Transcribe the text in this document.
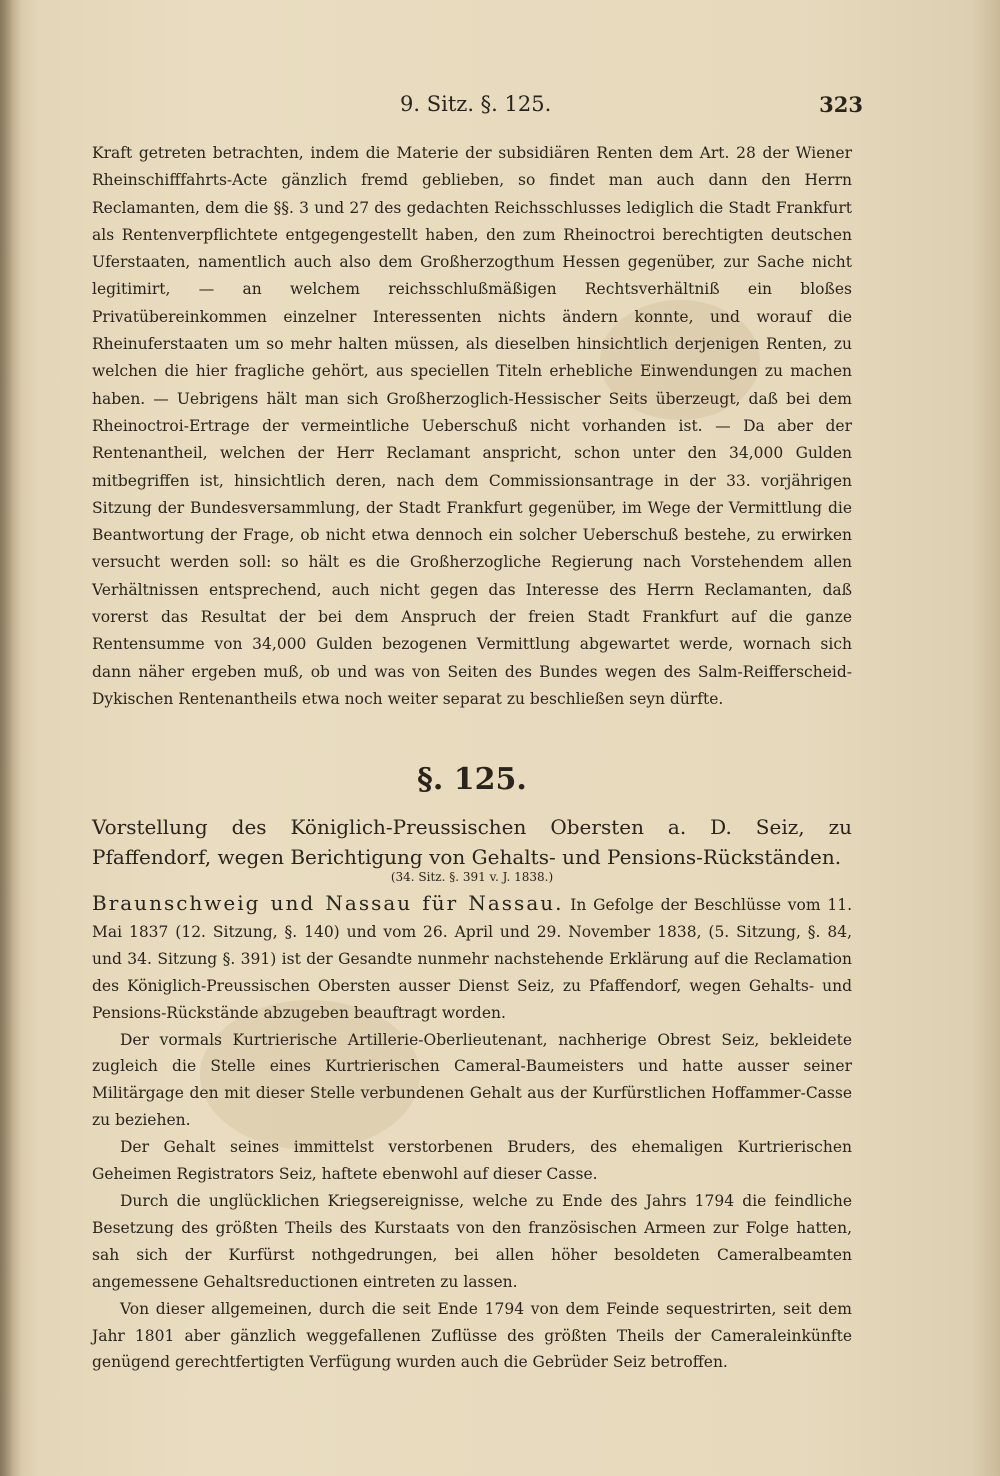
9. Sitz. §. 125.	323

Kraft getreten betrachten, indem die Materie der subsidiären Renten dem Art. 28 der Wiener Rheinschifffahrts-Acte gänzlich fremd geblieben, so findet man auch dann den Herrn Reclamanten, dem die §§. 3 und 27 des gedachten Reichsschlusses lediglich die Stadt Frankfurt als Rentenverpflichtete entgegengestellt haben, den zum Rheinoctroi berechtigten deutschen Uferstaaten, namentlich auch also dem Großherzogthum Hessen gegenüber, zur Sache nicht legitimirt, — an welchem reichsschlußmäßigen Rechtsverhältniß ein bloßes Privatübereinkommen einzelner Interessenten nichts ändern konnte, und worauf die Rheinuferstaaten um so mehr halten müssen, als dieselben hinsichtlich derjenigen Renten, zu welchen die hier fragliche gehört, aus speciellen Titeln erhebliche Einwendungen zu machen haben. — Uebrigens hält man sich Großherzoglich-Hessischer Seits überzeugt, daß bei dem Rheinoctroi-Ertrage der vermeintliche Ueberschuß nicht vorhanden ist. — Da aber der Rentenantheil, welchen der Herr Reclamant anspricht, schon unter den 34,000 Gulden mitbegriffen ist, hinsichtlich deren, nach dem Commissionsantrage in der 33. vorjährigen Sitzung der Bundesversammlung, der Stadt Frankfurt gegenüber, im Wege der Vermittlung die Beantwortung der Frage, ob nicht etwa dennoch ein solcher Ueberschuß bestehe, zu erwirken versucht werden soll: so hält es die Großherzogliche Regierung nach Vorstehendem allen Verhältnissen entsprechend, auch nicht gegen das Interesse des Herrn Reclamanten, daß vorerst das Resultat der bei dem Anspruch der freien Stadt Frankfurt auf die ganze Rentensumme von 34,000 Gulden bezogenen Vermittlung abgewartet werde, wornach sich dann näher ergeben muß, ob und was von Seiten des Bundes wegen des Salm-Reifferscheid-Dykischen Rentenantheils etwa noch weiter separat zu beschließen seyn dürfte.

§. 125.
Vorstellung des Königlich-Preussischen Obersten a. D. Seiz, zu Pfaffendorf, wegen Berichtigung von Gehalts- und Pensions-Rückständen.
(34. Sitz. §. 391 v. J. 1838.)

Braunschweig und Nassau für Nassau. In Gefolge der Beschlüsse vom 11. Mai 1837 (12. Sitzung, §. 140) und vom 26. April und 29. November 1838, (5. Sitzung, §. 84, und 34. Sitzung §. 391) ist der Gesandte nunmehr nachstehende Erklärung auf die Reclamation des Königlich-Preussischen Obersten ausser Dienst Seiz, zu Pfaffendorf, wegen Gehalts- und Pensions-Rückstände abzugeben beauftragt worden.

Der vormals Kurtrierische Artillerie-Oberlieutenant, nachherige Obrest Seiz, bekleidete zugleich die Stelle eines Kurtrierischen Cameral-Baumeisters und hatte ausser seiner Militärgage den mit dieser Stelle verbundenen Gehalt aus der Kurfürstlichen Hoffammer-Casse zu beziehen.

Der Gehalt seines immittelst verstorbenen Bruders, des ehemaligen Kurtrierischen Geheimen Registrators Seiz, haftete ebenwohl auf dieser Casse.

Durch die unglücklichen Kriegsereignisse, welche zu Ende des Jahrs 1794 die feindliche Besetzung des größten Theils des Kurstaats von den französischen Armeen zur Folge hatten, sah sich der Kurfürst nothgedrungen, bei allen höher besoldeten Cameralbeamten angemessene Gehaltsreductionen eintreten zu lassen.

Von dieser allgemeinen, durch die seit Ende 1794 von dem Feinde sequestrirten, seit dem Jahr 1801 aber gänzlich weggefallenen Zuflüsse des größten Theils der Cameraleinkünfte genügend gerechtfertigten Verfügung wurden auch die Gebrüder Seiz betroffen.
